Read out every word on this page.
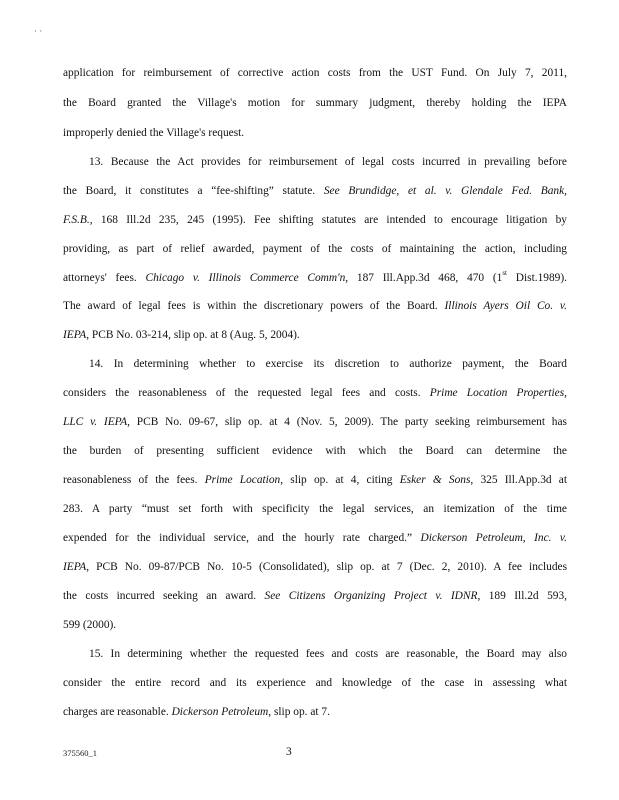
· ·
application for reimbursement of corrective action costs from the UST Fund. On July 7, 2011,
the Board granted the Village's motion for summary judgment, thereby holding the IEPA
improperly denied the Village's request.
13. Because the Act provides for reimbursement of legal costs incurred in prevailing before
the Board, it constitutes a “fee-shifting” statute. See Brundidge, et al. v. Glendale Fed. Bank,
F.S.B., 168 Ill.2d 235, 245 (1995). Fee shifting statutes are intended to encourage litigation by
providing, as part of relief awarded, payment of the costs of maintaining the action, including
attorneys' fees. Chicago v. Illinois Commerce Comm'n, 187 Ill.App.3d 468, 470 (1st Dist.1989).
The award of legal fees is within the discretionary powers of the Board. Illinois Ayers Oil Co. v.
IEPA, PCB No. 03-214, slip op. at 8 (Aug. 5, 2004).
14. In determining whether to exercise its discretion to authorize payment, the Board
considers the reasonableness of the requested legal fees and costs. Prime Location Properties,
LLC v. IEPA, PCB No. 09-67, slip op. at 4 (Nov. 5, 2009). The party seeking reimbursement has
the burden of presenting sufficient evidence with which the Board can determine the
reasonableness of the fees. Prime Location, slip op. at 4, citing Esker & Sons, 325 Ill.App.3d at
283. A party “must set forth with specificity the legal services, an itemization of the time
expended for the individual service, and the hourly rate charged.” Dickerson Petroleum, Inc. v.
IEPA, PCB No. 09-87/PCB No. 10-5 (Consolidated), slip op. at 7 (Dec. 2, 2010). A fee includes
the costs incurred seeking an award. See Citizens Organizing Project v. IDNR, 189 Ill.2d 593,
599 (2000).
15. In determining whether the requested fees and costs are reasonable, the Board may also
consider the entire record and its experience and knowledge of the case in assessing what
charges are reasonable. Dickerson Petroleum, slip op. at 7.
375560_1	3
